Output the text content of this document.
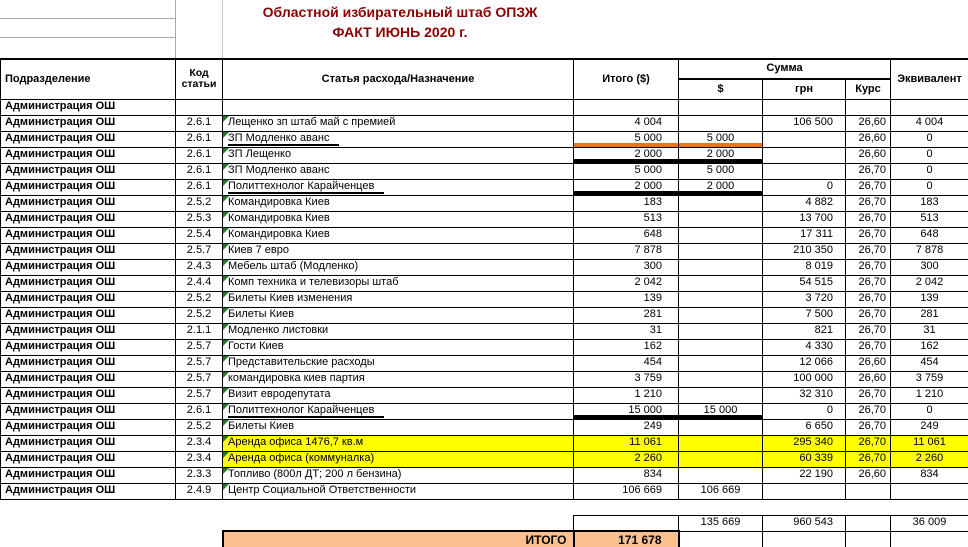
Областной избирательный штаб ОПЗЖ
ФАКТ ИЮНЬ 2020 г.
Подразделение	Код статьи	Статья расхода/Назначение	Итого ($)	Сумма			Эквивалент
				$	грн	Курс	
Администрация ОШ							
Администрация ОШ	2.6.1	Лещенко зп штаб май с премией	4 004		106 500	26,60	4 004
Администрация ОШ	2.6.1	ЗП Модленко аванс	5 000	5 000		26,60	0
Администрация ОШ	2.6.1	ЗП Лещенко	2 000	2 000		26,60	0
Администрация ОШ	2.6.1	ЗП Модленко аванс	5 000	5 000		26,70	0
Администрация ОШ	2.6.1	Политтехнолог Карайченцев	2 000	2 000	0	26,70	0
Администрация ОШ	2.5.2	Командировка Киев	183		4 882	26,70	183
Администрация ОШ	2.5.3	Командировка Киев	513		13 700	26,70	513
Администрация ОШ	2.5.4	Командировка Киев	648		17 311	26,70	648
Администрация ОШ	2.5.7	Киев 7 евро	7 878		210 350	26,70	7 878
Администрация ОШ	2.4.3	Мебель штаб (Модленко)	300		8 019	26,70	300
Администрация ОШ	2.4.4	Комп техника и телевизоры штаб	2 042		54 515	26,70	2 042
Администрация ОШ	2.5.2	Билеты Киев изменения	139		3 720	26,70	139
Администрация ОШ	2.5.2	Билеты Киев	281		7 500	26,70	281
Администрация ОШ	2.1.1	Модленко листовки	31		821	26,70	31
Администрация ОШ	2.5.7	Гости Киев	162		4 330	26,70	162
Администрация ОШ	2.5.7	Представительские расходы	454		12 066	26,60	454
Администрация ОШ	2.5.7	командировка киев партия	3 759		100 000	26,60	3 759
Администрация ОШ	2.5.7	Визит евродепутата	1 210		32 310	26,70	1 210
Администрация ОШ	2.6.1	Политтехнолог Карайченцев	15 000	15 000	0	26,70	0
Администрация ОШ	2.5.2	Билеты Киев	249		6 650	26,70	249
Администрация ОШ	2.3.4	Аренда офиса 1476,7 кв.м	11 061		295 340	26,70	11 061
Администрация ОШ	2.3.4	Аренда офиса (коммуналка)	2 260		60 339	26,70	2 260
Администрация ОШ	2.3.3	Топливо (800л ДТ; 200 л бензина)	834		22 190	26,60	834
Администрация ОШ	2.4.9	Центр Социальной Ответственности	106 669	106 669			

				135 669	960 543		36 009
		ИТОГО	171 678				
